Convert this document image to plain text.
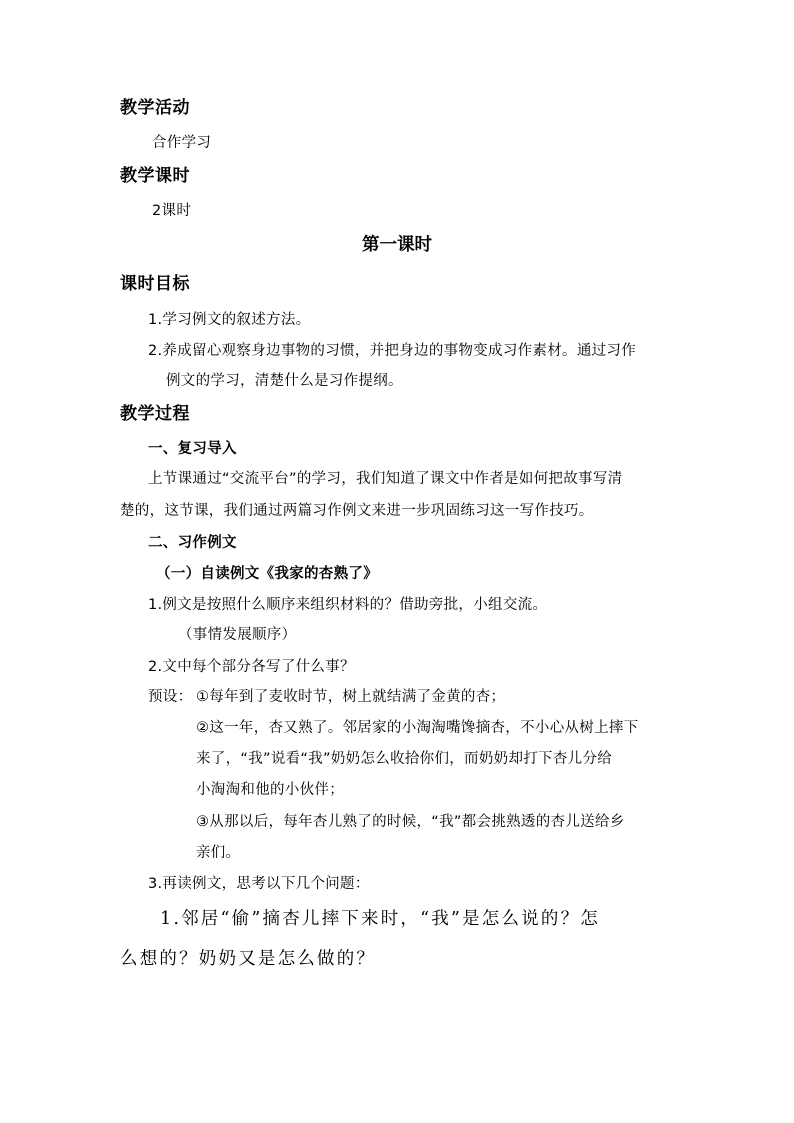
教学活动
合作学习
教学课时
2课时
第一课时
课时目标
1.学习例文的叙述方法。
2.养成留心观察身边事物的习惯，并把身边的事物变成习作素材。通过习作
例文的学习，清楚什么是习作提纲。
教学过程
一、复习导入
上节课通过“交流平台”的学习，我们知道了课文中作者是如何把故事写清
楚的，这节课，我们通过两篇习作例文来进一步巩固练习这一写作技巧。
二、习作例文
（一）自读例文《我家的杏熟了》
1.例文是按照什么顺序来组织材料的？借助旁批，小组交流。
（事情发展顺序）
2.文中每个部分各写了什么事？
预设： ①每年到了麦收时节，树上就结满了金黄的杏；
②这一年，杏又熟了。邻居家的小淘淘嘴馋摘杏，不小心从树上摔下
来了，“我”说看“我”奶奶怎么收拾你们，而奶奶却打下杏儿分给
小淘淘和他的小伙伴；
③从那以后，每年杏儿熟了的时候，“我”都会挑熟透的杏儿送给乡
亲们。
3.再读例文，思考以下几个问题：
1.邻居“偷”摘杏儿摔下来时，“我”是怎么说的？怎
么想的？奶奶又是怎么做的？
